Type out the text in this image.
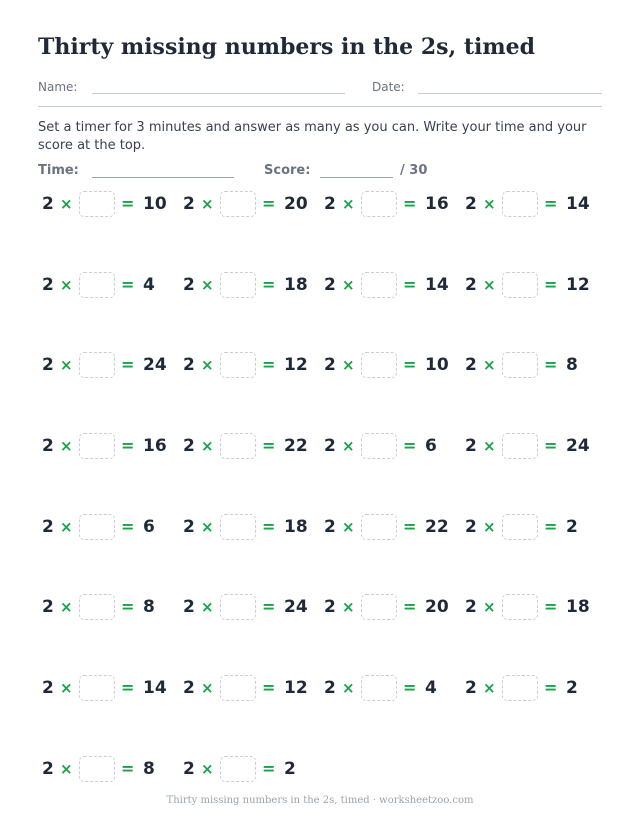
Thirty missing numbers in the 2s, timed
Name:	Date:

Set a timer for 3 minutes and answer as many as you can. Write your time and your score at the top.

Time:	Score:	/ 30
2 ×	= 10 2 ×	= 20 2 ×	= 16 2 ×	= 14
2 ×	= 4 2 ×	= 18 2 ×	= 14 2 ×	= 12
2 ×	= 24 2 ×	= 12 2 ×	= 10 2 ×	= 8
2 ×	= 16 2 ×	= 22 2 ×	= 6 2 ×	= 24
2 ×	= 6 2 ×	= 18 2 ×	= 22 2 ×	= 2
2 ×	= 8 2 ×	= 24 2 ×	= 20 2 ×	= 18
2 ×	= 14 2 ×	= 12 2 ×	= 4 2 ×	= 2
2 ×	= 8 2 ×	= 2
Thirty missing numbers in the 2s, timed · worksheetzoo.com
